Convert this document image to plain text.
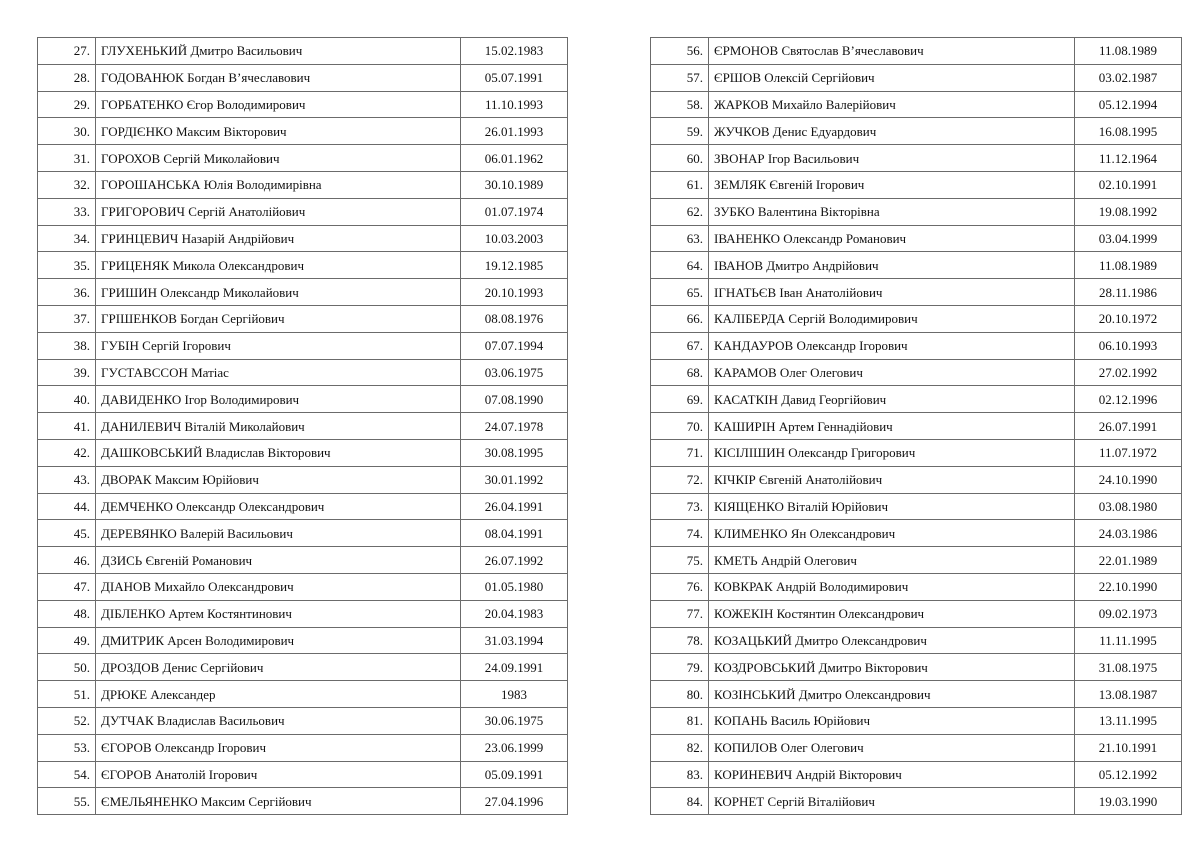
27.	ГЛУХЕНЬКИЙ Дмитро Васильович	15.02.1983
28.	ГОДОВАНЮК Богдан В’ячеславович	05.07.1991
29.	ГОРБАТЕНКО Єгор Володимирович	11.10.1993
30.	ГОРДІЄНКО Максим Вікторович	26.01.1993
31.	ГОРОХОВ Сергій Миколайович	06.01.1962
32.	ГОРОШАНСЬКА Юлія Володимирівна	30.10.1989
33.	ГРИГОРОВИЧ Сергій Анатолійович	01.07.1974
34.	ГРИНЦЕВИЧ Назарій Андрійович	10.03.2003
35.	ГРИЦЕНЯК Микола Олександрович	19.12.1985
36.	ГРИШИН Олександр Миколайович	20.10.1993
37.	ГРІШЕНКОВ Богдан Сергійович	08.08.1976
38.	ГУБІН Сергій Ігорович	07.07.1994
39.	ГУСТАВССОН Матіас	03.06.1975
40.	ДАВИДЕНКО Ігор Володимирович	07.08.1990
41.	ДАНИЛЕВИЧ Віталій Миколайович	24.07.1978
42.	ДАШКОВСЬКИЙ Владислав Вікторович	30.08.1995
43.	ДВОРАК Максим Юрійович	30.01.1992
44.	ДЕМЧЕНКО Олександр Олександрович	26.04.1991
45.	ДЕРЕВЯНКО Валерій Васильович	08.04.1991
46.	ДЗИСЬ Євгеній Романович	26.07.1992
47.	ДІАНОВ Михайло Олександрович	01.05.1980
48.	ДІБЛЕНКО Артем Костянтинович	20.04.1983
49.	ДМИТРИК Арсен Володимирович	31.03.1994
50.	ДРОЗДОВ Денис Сергійович	24.09.1991
51.	ДРЮКЕ Александер	1983
52.	ДУТЧАК Владислав Васильович	30.06.1975
53.	ЄГОРОВ Олександр Ігорович	23.06.1999
54.	ЄГОРОВ Анатолій Ігорович	05.09.1991
55.	ЄМЕЛЬЯНЕНКО Максим Сергійович	27.04.1996
56.	ЄРМОНОВ Святослав В’ячеславович	11.08.1989
57.	ЄРШОВ Олексій Сергійович	03.02.1987
58.	ЖАРКОВ Михайло Валерійович	05.12.1994
59.	ЖУЧКОВ Денис Едуардович	16.08.1995
60.	ЗВОНАР Ігор Васильович	11.12.1964
61.	ЗЕМЛЯК Євгеній Ігорович	02.10.1991
62.	ЗУБКО Валентина Вікторівна	19.08.1992
63.	ІВАНЕНКО Олександр Романович	03.04.1999
64.	ІВАНОВ Дмитро Андрійович	11.08.1989
65.	ІГНАТЬЄВ Іван Анатолійович	28.11.1986
66.	КАЛІБЕРДА Сергій Володимирович	20.10.1972
67.	КАНДАУРОВ Олександр Ігорович	06.10.1993
68.	КАРАМОВ Олег Олегович	27.02.1992
69.	КАСАТКІН Давид Георгійович	02.12.1996
70.	КАШИРІН Артем Геннадійович	26.07.1991
71.	КІСІЛІШИН Олександр Григорович	11.07.1972
72.	КІЧКІР Євгеній Анатолійович	24.10.1990
73.	КІЯЩЕНКО Віталій Юрійович	03.08.1980
74.	КЛИМЕНКО Ян Олександрович	24.03.1986
75.	КМЕТЬ Андрій Олегович	22.01.1989
76.	КОВКРАК Андрій Володимирович	22.10.1990
77.	КОЖЕКІН Костянтин Олександрович	09.02.1973
78.	КОЗАЦЬКИЙ Дмитро Олександрович	11.11.1995
79.	КОЗДРОВСЬКИЙ Дмитро Вікторович	31.08.1975
80.	КОЗІНСЬКИЙ Дмитро Олександрович	13.08.1987
81.	КОПАНЬ Василь Юрійович	13.11.1995
82.	КОПИЛОВ Олег Олегович	21.10.1991
83.	КОРИНЕВИЧ Андрій Вікторович	05.12.1992
84.	КОРНЕТ Сергій Віталійович	19.03.1990
